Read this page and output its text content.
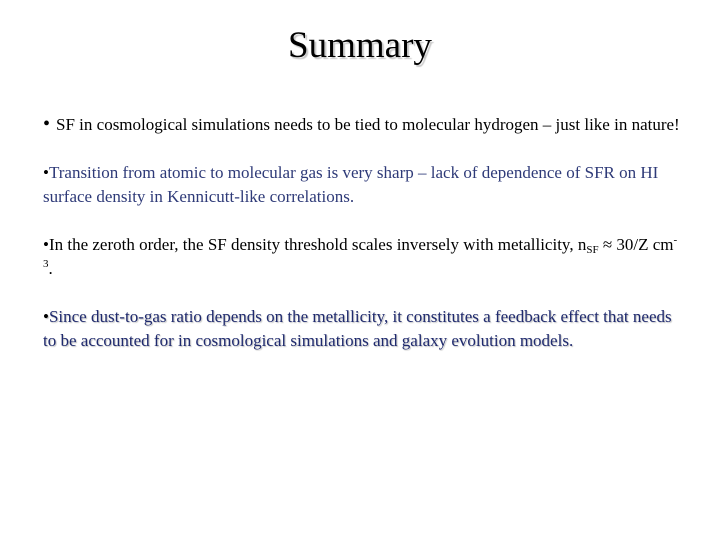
Summary

• SF in cosmological simulations needs to be tied to molecular hydrogen – just like in nature!

•Transition from atomic to molecular gas is very sharp – lack of dependence of SFR on HI surface density in Kennicutt-like correlations.

•In the zeroth order, the SF density threshold scales inversely with metallicity, $n_{SF} \approx 30/Z$ $cm^{-3}$.

•Since dust-to-gas ratio depends on the metallicity, it constitutes a feedback effect that needs to be accounted for in cosmological simulations and galaxy evolution models.
